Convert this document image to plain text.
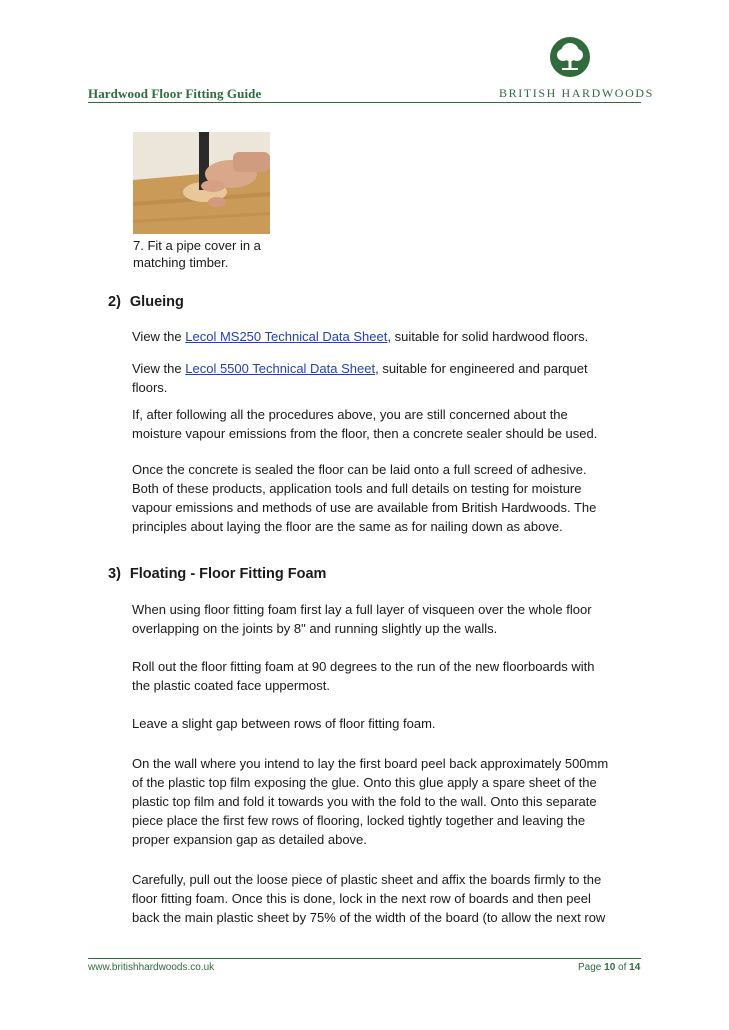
Hardwood Floor Fitting Guide	BRITISH HARDWOODS
7. Fit a pipe cover in a
matching timber.
2) Glueing
View the Lecol MS250 Technical Data Sheet, suitable for solid hardwood floors.
View the Lecol 5500 Technical Data Sheet, suitable for engineered and parquet
floors.
If, after following all the procedures above, you are still concerned about the
moisture vapour emissions from the floor, then a concrete sealer should be used.
Once the concrete is sealed the floor can be laid onto a full screed of adhesive.
Both of these products, application tools and full details on testing for moisture
vapour emissions and methods of use are available from British Hardwoods. The
principles about laying the floor are the same as for nailing down as above.
3) Floating - Floor Fitting Foam
When using floor fitting foam first lay a full layer of visqueen over the whole floor
overlapping on the joints by 8" and running slightly up the walls.
Roll out the floor fitting foam at 90 degrees to the run of the new floorboards with
the plastic coated face uppermost.
Leave a slight gap between rows of floor fitting foam.
On the wall where you intend to lay the first board peel back approximately 500mm
of the plastic top film exposing the glue. Onto this glue apply a spare sheet of the
plastic top film and fold it towards you with the fold to the wall. Onto this separate
piece place the first few rows of flooring, locked tightly together and leaving the
proper expansion gap as detailed above.
Carefully, pull out the loose piece of plastic sheet and affix the boards firmly to the
floor fitting foam. Once this is done, lock in the next row of boards and then peel
back the main plastic sheet by 75% of the width of the board (to allow the next row
www.britishhardwoods.co.uk	Page 10 of 14
